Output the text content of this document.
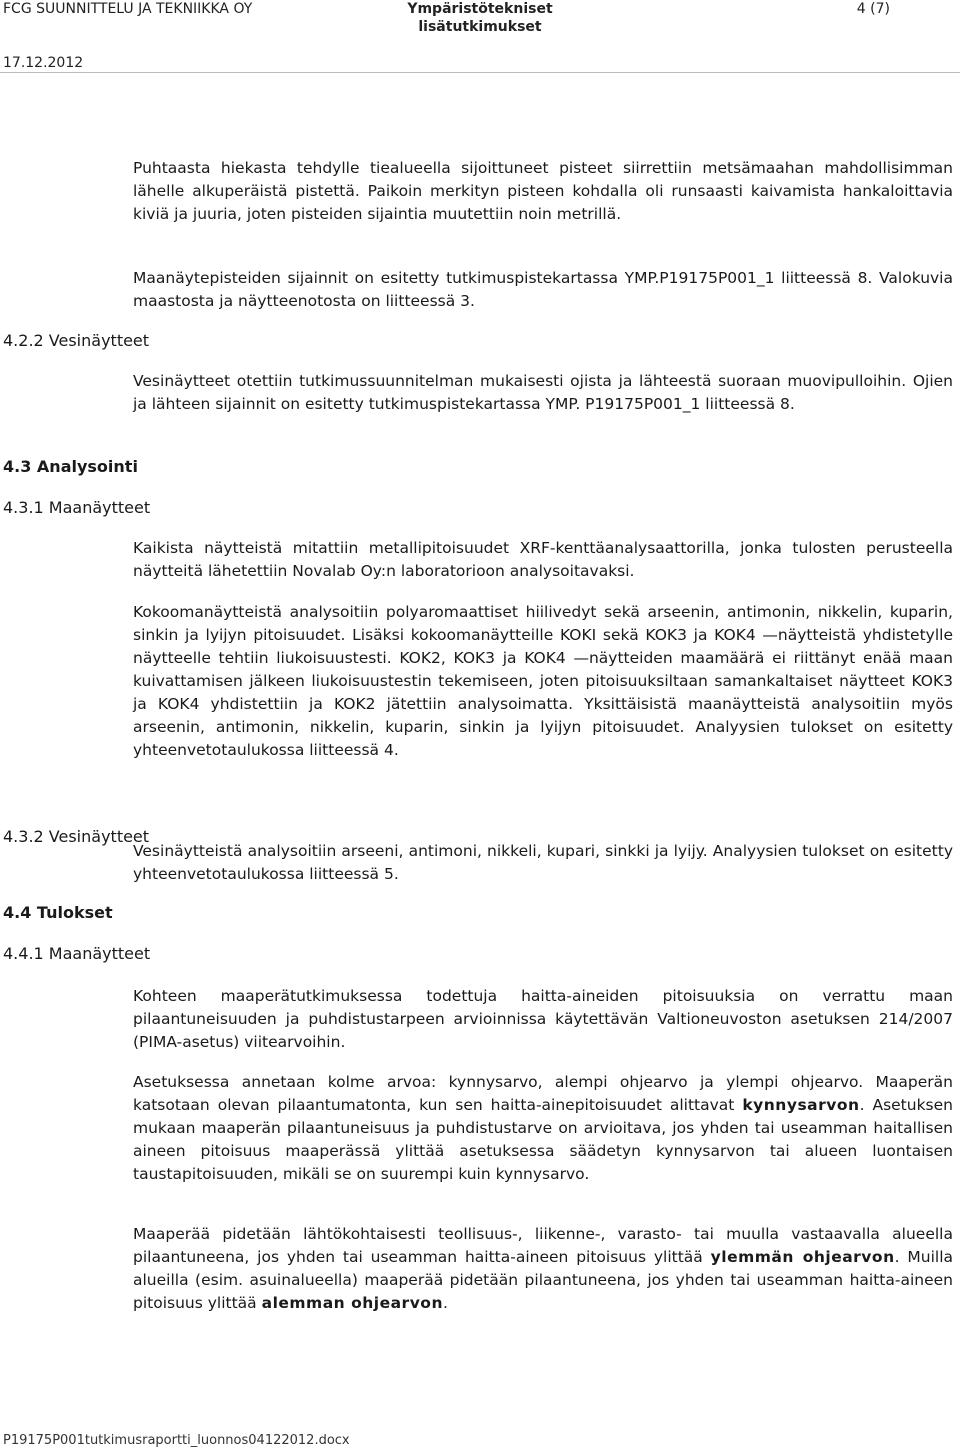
FCG SUUNNITTELU JA TEKNIIKKA OY	Ympäristötekniset	4 (7)
lisätutkimukset
17.12.2012
Puhtaasta hiekasta tehdylle tiealueella sijoittuneet pisteet siirrettiin metsämaahan mahdollisimman lähelle alkuperäistä pistettä. Paikoin merkityn pisteen kohdalla oli runsaasti kaivamista hankaloittavia kiviä ja juuria, joten pisteiden sijaintia muutettiin noin metrillä.
Maanäytepisteiden sijainnit on esitetty tutkimuspistekartassa YMP.P19175P001_1 liitteessä 8. Valokuvia maastosta ja näytteenotosta on liitteessä 3.
4.2.2 Vesinäytteet
Vesinäytteet otettiin tutkimussuunnitelman mukaisesti ojista ja lähteestä suoraan muovipulloihin. Ojien ja lähteen sijainnit on esitetty tutkimuspistekartassa YMP. P19175P001_1 liitteessä 8.
4.3 Analysointi
4.3.1 Maanäytteet
Kaikista näytteistä mitattiin metallipitoisuudet XRF-kenttäanalysaattorilla, jonka tulosten perusteella näytteitä lähetettiin Novalab Oy:n laboratorioon analysoitavaksi.
Kokoomanäytteistä analysoitiin polyaromaattiset hiilivedyt sekä arseenin, antimonin, nikkelin, kuparin, sinkin ja lyijyn pitoisuudet. Lisäksi kokoomanäytteille KOKI sekä KOK3 ja KOK4 —näytteistä yhdistetylle näytteelle tehtiin liukoisuustesti. KOK2, KOK3 ja KOK4 —näytteiden maamäärä ei riittänyt enää maan kuivattamisen jälkeen liukoisuustestin tekemiseen, joten pitoisuuksiltaan samankaltaiset näytteet KOK3 ja KOK4 yhdistettiin ja KOK2 jätettiin analysoimatta. Yksittäisistä maanäytteistä analysoitiin myös arseenin, antimonin, nikkelin, kuparin, sinkin ja lyijyn pitoisuudet. Analyysien tulokset on esitetty yhteenvetotaulukossa liitteessä 4.
4.3.2 Vesinäytteet
Vesinäytteistä analysoitiin arseeni, antimoni, nikkeli, kupari, sinkki ja lyijy. Analyysien tulokset on esitetty yhteenvetotaulukossa liitteessä 5.
4.4 Tulokset
4.4.1 Maanäytteet
Kohteen maaperätutkimuksessa todettuja haitta-aineiden pitoisuuksia on verrattu maan pilaantuneisuuden ja puhdistustarpeen arvioinnissa käytettävän Valtioneuvoston asetuksen 214/2007 (PIMA-asetus) viitearvoihin.
Asetuksessa annetaan kolme arvoa: kynnysarvo, alempi ohjearvo ja ylempi ohjearvo. Maaperän katsotaan olevan pilaantumatonta, kun sen haitta-ainepitoisuudet alittavat kynnysarvon. Asetuksen mukaan maaperän pilaantuneisuus ja puhdistustarve on arvioitava, jos yhden tai useamman haitallisen aineen pitoisuus maaperässä ylittää asetuksessa säädetyn kynnysarvon tai alueen luontaisen taustapitoisuuden, mikäli se on suurempi kuin kynnysarvo.
Maaperää pidetään lähtökohtaisesti teollisuus-, liikenne-, varasto- tai muulla vastaavalla alueella pilaantuneena, jos yhden tai useamman haitta-aineen pitoisuus ylittää ylemmän ohjearvon. Muilla alueilla (esim. asuinalueella) maaperää pidetään pilaantuneena, jos yhden tai useamman haitta-aineen pitoisuus ylittää alemman ohjearvon.
P19175P001tutkimusraportti_luonnos04122012.docx
